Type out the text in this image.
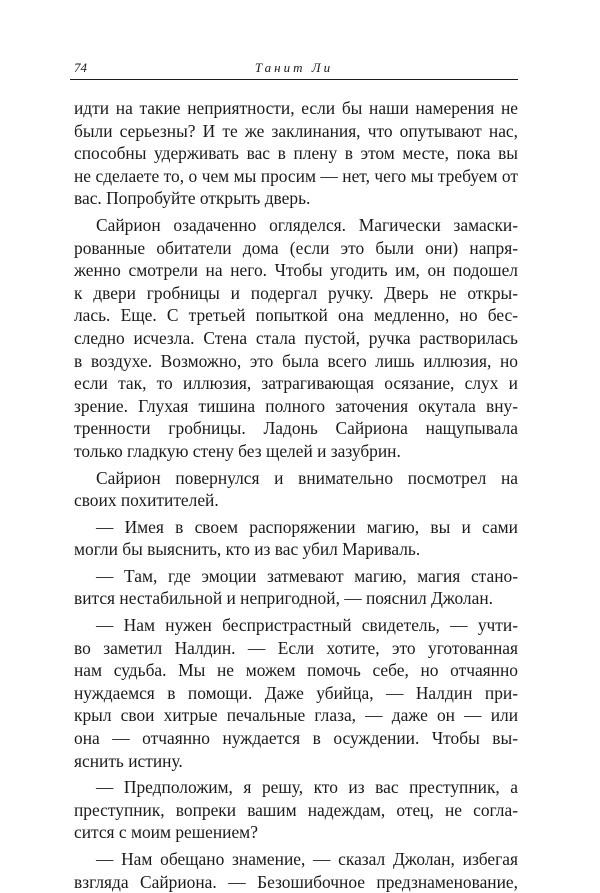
74	Танит Ли
идти на такие неприятности, если бы наши намерения не
были серьезны? И те же заклинания, что опутывают нас,
способны удерживать вас в плену в этом месте, пока вы
не сделаете то, о чем мы просим — нет, чего мы требуем от
вас. Попробуйте открыть дверь.
Сайрион озадаченно огляделся. Магически замаски-
рованные обитатели дома (если это были они) напря-
женно смотрели на него. Чтобы угодить им, он подошел
к двери гробницы и подергал ручку. Дверь не откры-
лась. Еще. С третьей попыткой она медленно, но бес-
следно исчезла. Стена стала пустой, ручка растворилась
в воздухе. Возможно, это была всего лишь иллюзия, но
если так, то иллюзия, затрагивающая осязание, слух и
зрение. Глухая тишина полного заточения окутала вну-
тренности гробницы. Ладонь Сайриона нащупывала
только гладкую стену без щелей и зазубрин.
Сайрион повернулся и внимательно посмотрел на
своих похитителей.
— Имея в своем распоряжении магию, вы и сами
могли бы выяснить, кто из вас убил Мариваль.
— Там, где эмоции затмевают магию, магия стано-
вится нестабильной и непригодной, — пояснил Джолан.
— Нам нужен беспристрастный свидетель, — учти-
во заметил Налдин. — Если хотите, это уготованная
нам судьба. Мы не можем помочь себе, но отчаянно
нуждаемся в помощи. Даже убийца, — Налдин при-
крыл свои хитрые печальные глаза, — даже он — или
она — отчаянно нуждается в осуждении. Чтобы вы-
яснить истину.
— Предположим, я решу, кто из вас преступник, а
преступник, вопреки вашим надеждам, отец, не согла-
сится с моим решением?
— Нам обещано знамение, — сказал Джолан, избегая
взгляда Сайриона. — Безошибочное предзнаменование,
